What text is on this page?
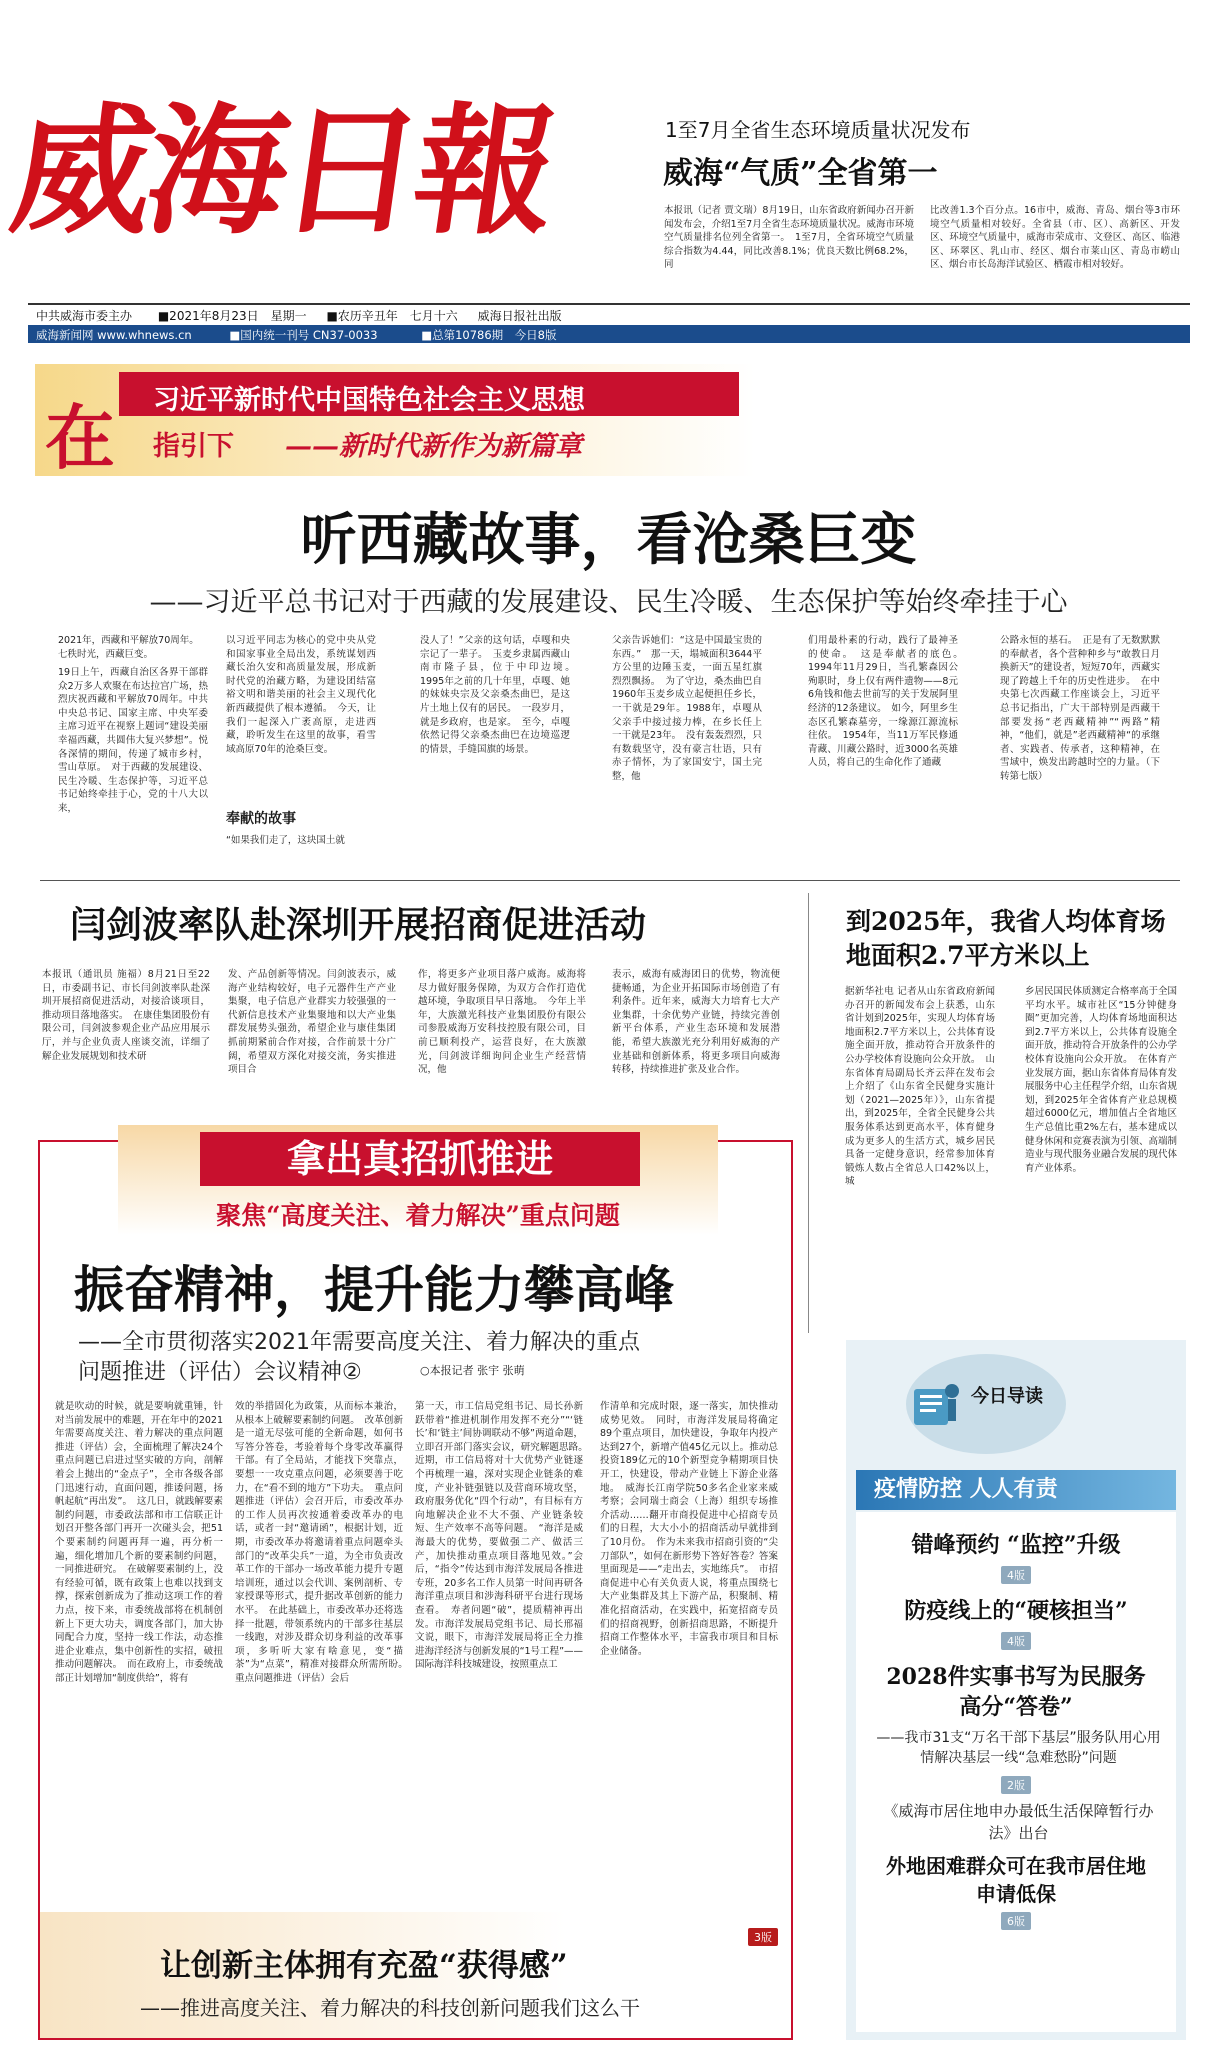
威海日報	1至7月全省生态环境质量状况发布
威海“气质”全省第一
本报讯（记者 贾文瑞）8月19日，山东省政府新闻办召开新闻发布会，介绍1至7月全省生态环境质量状况。威海市环境空气质量排名位列全省第一。　1至7月，全省环境空气质量综合指数为4.44，同比改善8.1%；优良天数比例68.2%，同
比改善1.3个百分点。16市中，威海、青岛、烟台等3市环境空气质量相对较好。全省县（市、区）、高新区、开发区、环境空气质量中，威海市荣成市、文登区、高区、临港区、环翠区、乳山市、经区、烟台市莱山区、青岛市崂山区、烟台市长岛海洋试验区、栖霞市相对较好。
中共威海市委主办 ■2021年8月23日　星期一 ■农历辛丑年　七月十六 威海日报社出版
威海新闻网 www.whnews.cn	■国内统一刊号 CN37-0033	■总第10786期　今日8版
在 习近平新时代中国特色社会主义思想
指引下 ——新时代新作为新篇章
听西藏故事，看沧桑巨变
——习近平总书记对于西藏的发展建设、民生冷暖、生态保护等始终牵挂于心
2021年，西藏和平解放70周年。七秩时光，西藏巨变。
19日上午，西藏自治区各界干部群众2万多人欢聚在布达拉宫广场，热烈庆祝西藏和平解放70周年。中共中央总书记、国家主席、中央军委主席习近平在视察上题词“建设美丽幸福西藏，共圆伟大复兴梦想”。悦各深情的期间，传递了城市乡村，雪山草原。　对于西藏的发展建设、民生冷暖、生态保护等，习近平总书记始终牵挂于心，党的十八大以来，
以习近平同志为核心的党中央从党和国家事业全局出发，系统谋划西藏长治久安和高质量发展，形成新时代党的治藏方略，为建设团结富裕文明和谐美丽的社会主义现代化新西藏提供了根本遵循。　今天，让我们一起深入广袤高原，走进西藏，聆听发生在这里的故事，看雪域高原70年的沧桑巨变。
奉献的故事
“如果我们走了，这块国土就
没人了！”父亲的这句话，卓嘎和央宗记了一辈子。　玉麦乡隶属西藏山南市隆子县，位于中印边境。　1995年之前的几十年里，卓嘎、她的妹妹央宗及父亲桑杰曲巴，是这片土地上仅有的居民。　一段岁月，就是乡政府，也是家。　至今，卓嘎依然记得父亲桑杰曲巴在边境巡逻的情景，手缝国旗的场景。
父亲告诉她们：“这是中国最宝贵的东西。”　那一天，塌城面积3644平方公里的边陲玉麦，一面五星红旗烈烈飘扬。　为了守边，桑杰曲巴自1960年玉麦乡成立起便担任乡长，一干就是29年。1988年，卓嘎从父亲手中接过接力棒，在乡长任上一干就是23年。　没有轰轰烈烈，只有数载坚守，没有豪言壮语，只有赤子情怀，为了家国安宁，国土完整，他
们用最朴素的行动，践行了最神圣的使命。　这是奉献者的底色。　1994年11月29日，当孔繁森因公殉职时，身上仅有两件遗物——8元6角钱和他去世前写的关于发展阿里经济的12条建议。　如今，阿里乡生态区孔繁森墓旁，一缘源江源流标往依。　1954年，当11万军民修通青藏、川藏公路时，近3000名英雄人员，将自己的生命化作了通藏
公路永恒的基石。　正是有了无数默默的奉献者，各个营种种乡与“敢教日月换新天”的建设者，短短70年，西藏实现了跨越上千年的历史性进步。　在中央第七次西藏工作座谈会上，习近平总书记指出，广大干部特别是西藏干部要发扬“老西藏精神”“两路”精神，“他们，就是”老西藏精神“的承继者、实践者、传承者，这种精神，在雪域中，焕发出跨越时空的力量。（下转第七版）
闫剑波率队赴深圳开展招商促进活动
本报讯（通讯员 施福）8月21日至22日，市委副书记、市长闫剑波率队赴深圳开展招商促进活动，对接洽谈项目，推动项目落地落实。　在康佳集团股份有限公司，闫剑波参观企业产品应用展示厅，并与企业负责人座谈交流，详细了解企业发展规划和技术研
发、产品创新等情况。闫剑波表示，威海产业结构较好，电子元器件生产产业集聚，电子信息产业群实力较强强的一代新信息技术产业集聚地和以大产业集群发展势头强劲，希望企业与康佳集团抓前期紧前合作对接，合作前景十分广阔，希望双方深化对接交流，务实推进项目合
作，将更多产业项目落户威海。威海将尽力做好服务保障，为双方合作打造优越环境，争取项目早日落地。　今年上半年，大族激光科技产业集团股份有限公司参股威海万安科技控股有限公司，目前已顺利投产，运营良好，在大族激光，闫剑波详细询问企业生产经营情况，他
表示，威海有威海团日的优势，物流便捷畅通，为企业开拓国际市场创造了有利条件。近年来，威海大力培育七大产业集群，十余优势产业链，持续完善创新平台体系，产业生态环境和发展潜能，希望大族激光充分利用好威海的产业基础和创新体系，将更多项目向威海转移，持续推进扩张及业合作。
到2025年，我省人均体育场地面积2.7平方米以上
据新华社电 记者从山东省政府新闻办召开的新闻发布会上获悉，山东省计划到2025年，实现人均体育场地面积2.7平方米以上，公共体育设施全面开放，推动符合开放条件的公办学校体育设施向公众开放。　山东省体育局副局长齐云萍在发布会上介绍了《山东省全民健身实施计划（2021—2025年）》，山东省提出，到2025年，全省全民健身公共服务体系达到更高水平，体育健身成为更多人的生活方式，城乡居民具备一定健身意识，经常参加体育锻炼人数占全省总人口42%以上，城
乡居民国民体质测定合格率高于全国平均水平。城市社区“15分钟健身圈”更加完善，人均体育场地面积达到2.7平方米以上，公共体育设施全面开放，推动符合开放条件的公办学校体育设施向公众开放。　在体育产业发展方面，据山东省体育局体育发展服务中心主任程学介绍，山东省规划，到2025年全省体育产业总规模超过6000亿元，增加值占全省地区生产总值比重2%左右，基本建成以健身休闲和竞赛表演为引领、高端制造业与现代服务业融合发展的现代体育产业体系。
拿出真招抓推进
聚焦“高度关注、着力解决”重点问题
振奋精神，提升能力攀高峰
——全市贯彻落实2021年需要高度关注、着力解决的重点
问题推进（评估）会议精神②	○本报记者 张宇 张萌
就是吹动的时候，就是要响就重锤，针对当前发展中的难题，开在年中的2021年需要高度关注、着力解决的重点问题推进（评估）会，全面梳理了解决24个重点问题已启进过坚实破的方向，剖解着会上抛出的“金点子”，全市各级各部门迅速行动，直面问题，推诿问题，扬帆起航“再出发”。　这几日，就践解要素制约问题，市委政法部和市工信联正计划召开整各部门再开一次碰头会，把51个要素制约问题再拜一遍，再分析一遍，细化增加几个新的要素制约问题，一同推进研究。　在破解要素制约上，没有经验可循，既有政策上也难以找到支撑，探索创新成为了推动这项工作的着力点，按下来，市委统战部将在机制创新上下更大功夫，调度各部门，加大协同配合力度，坚持一线工作法，动态推进企业难点，集中创新性的实招，破扭推动问题解决。　而在政府上，市委统战部正计划增加“制度供给”，将有
效的举措固化为政策，从而标本兼治，从根本上破解要素制约问题。　改革创新是一道无尽弦可能的全新命题，如何书写答分答卷，考验着每个身零改革赢得干部。有了全局站，才能找下突靠点，要想一一攻克重点问题，必须要善于吃力，在“看不到的地方”下功夫。　重点问题推进（评估）会召开后，市委改革办的工作人员再次按通着委改革办的电话，或者一封“邀请函”，根据计划，近期，市委改革办将邀请着重点问题牵头部门的“改革尖兵”一道，为全市负责改革工作的干部办一场改革能力提升专题培训班，通过以会代训、案例剖析、专家授课等形式，提升据改革创新的能力水平。　在此基础上，市委改革办还将选择一批题，带领系统内的干部多往基层一线跑，对涉及群众切身利益的改革事项，多听听大家有啥意见，变“描茶”为“点菜”，精准对接群众所需所盼。　重点问题推进（评估）会后
第一天，市工信局党组书记、局长孙新跃带着“推进机制作用发挥不充分”“‘链长’和‘链主’间协调联动不够”两道命题，立即召开部门落实会议，研究解题思路。　近期，市工信局将对十大优势产业链逐个再梳理一遍，深对实现企业链条的难度，产业补链强链以及营商环境攻坚，政府服务优化“四个行动”，有目标有方向地解决企业不大不强、产业链条较短、生产效率不高等问题。　“海洋是威海最大的优势，要做强二产、做活三产，加快推动重点项目落地见效。”会后，“指令”传达到市海洋发展局各推进专班，20多名工作人员第一时间再研各海洋重点项目和涉海科研平台进行现场查看。　寿者问题“破”，提质精神再出发。市海洋发展局党组书记、局长邢福文说，眼下，市海洋发展局将正全力推进海洋经济与创新发展的“1号工程”——国际海洋科技城建设，按照重点工
作清单和完成时限，逐一落实，加快推动成势见效。　同时，市海洋发展局将确定89个重点项目，加快建设，争取年内投产达到27个，新增产值45亿元以上。推动总投资189亿元的10个新型竞争精期项目快开工，快建设，带动产业链上下游企业落地。　威海长江南学院50多名企业家来威考察；会同瑞士商会（上海）组织专场推介活动……翻开市商投促进中心招商专员们的日程，大大小小的招商活动早就排到了10月份。　作为未来我市招商引资的“尖刀部队”，如何在新形势下答好答卷？答案里面现是——“走出去，实地练兵”。　市招商促进中心有关负责人说，将重点围绕七大产业集群及其上下游产品，积聚制、精准化招商活动，在实践中，拓宽招商专员们的招商视野，创新招商思路，不断提升招商工作整体水平，丰富我市项目和目标企业储备。
3版
让创新主体拥有充盈“获得感”
——推进高度关注、着力解决的科技创新问题我们这么干
今日导读
疫情防控 人人有责
错峰预约 “监控”升级
4版
防疫线上的“硬核担当”
4版
2028件实事书写为民服务高分“答卷”
——我市31支“万名干部下基层”服务队用心用情解决基层一线“急难愁盼”问题
2版
《威海市居住地申办最低生活保障暂行办法》出台
外地困难群众可在我市居住地申请低保
6版
